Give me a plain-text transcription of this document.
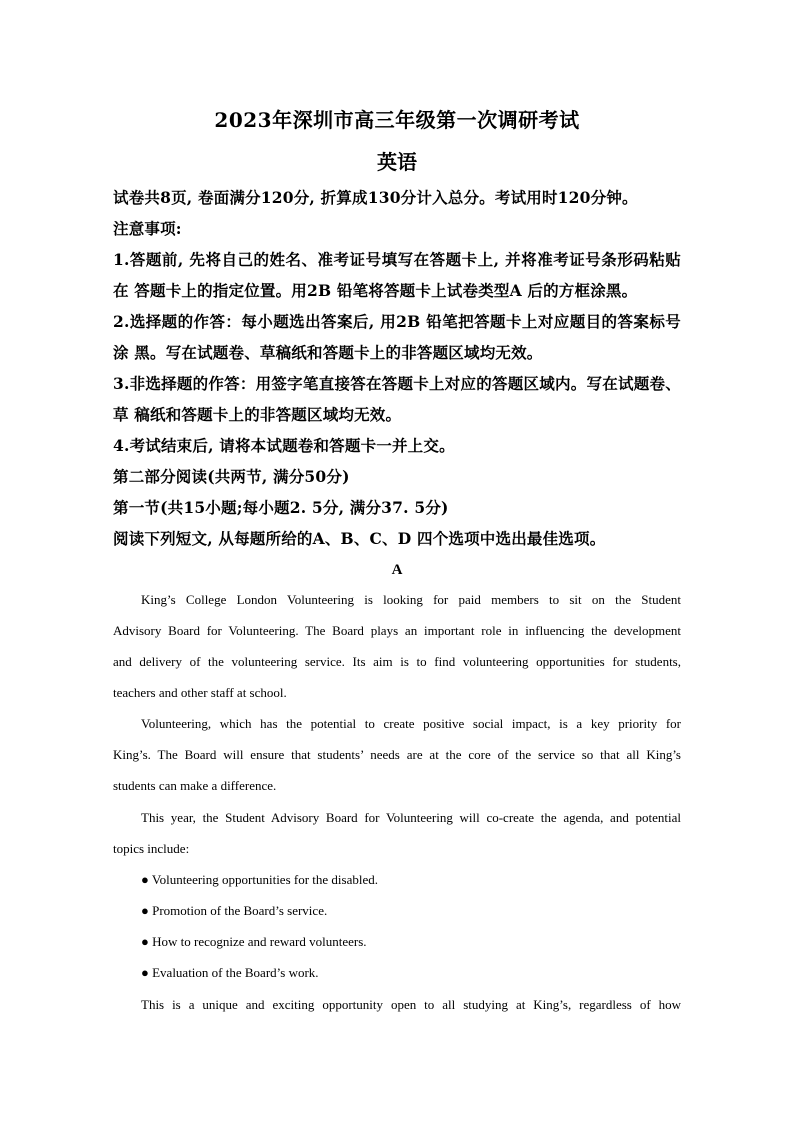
2023年深圳市高三年级第一次调研考试
英语
试卷共8页, 卷面满分120分, 折算成130分计入总分。考试用时120分钟。
注意事项:
1.答题前, 先将自己的姓名、准考证号填写在答题卡上, 并将准考证号条形码粘贴
在 答题卡上的指定位置。用2B 铅笔将答题卡上试卷类型A 后的方框涂黑。
2.选择题的作答：每小题选出答案后, 用2B 铅笔把答题卡上对应题目的答案标号
涂 黑。写在试题卷、草稿纸和答题卡上的非答题区域均无效。
3.非选择题的作答：用签字笔直接答在答题卡上对应的答题区域内。写在试题卷、
草 稿纸和答题卡上的非答题区域均无效。
4.考试结束后, 请将本试题卷和答题卡一并上交。
第二部分阅读(共两节, 满分50分)
第一节(共15小题;每小题2. 5分, 满分37. 5分)
阅读下列短文, 从每题所给的A、B、C、D 四个选项中选出最佳选项。
A
King’s College London Volunteering is looking for paid members to sit on the Student
Advisory Board for Volunteering. The Board plays an important role in influencing the development
and delivery of the volunteering service. Its aim is to find volunteering opportunities for students,
teachers and other staff at school.
Volunteering, which has the potential to create positive social impact, is a key priority for
King’s. The Board will ensure that students’ needs are at the core of the service so that all King’s
students can make a difference.
This year, the Student Advisory Board for Volunteering will co-create the agenda, and potential
topics include:
● Volunteering opportunities for the disabled.
● Promotion of the Board’s service.
● How to recognize and reward volunteers.
● Evaluation of the Board’s work.
This is a unique and exciting opportunity open to all studying at King’s, regardless of how
